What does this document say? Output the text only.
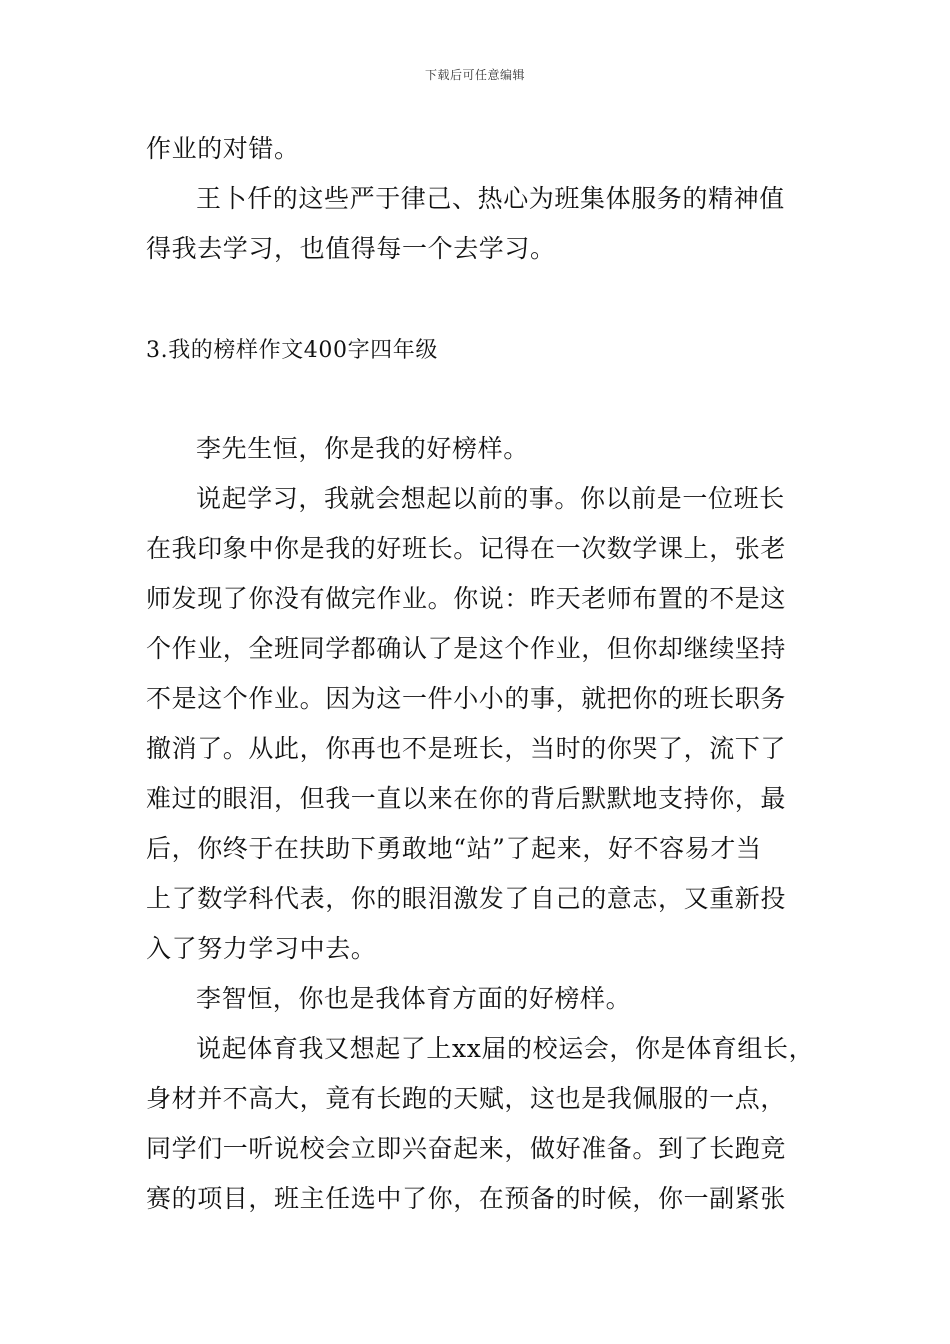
下载后可任意编辑
作业的对错。
王卜仟的这些严于律己、热心为班集体服务的精神值
得我去学习，也值得每一个去学习。
3.我的榜样作文400字四年级
李先生恒，你是我的好榜样。
说起学习，我就会想起以前的事。你以前是一位班长
在我印象中你是我的好班长。记得在一次数学课上，张老
师发现了你没有做完作业。你说：昨天老师布置的不是这
个作业，全班同学都确认了是这个作业，但你却继续坚持
不是这个作业。因为这一件小小的事，就把你的班长职务
撤消了。从此，你再也不是班长，当时的你哭了，流下了
难过的眼泪，但我一直以来在你的背后默默地支持你，最
后，你终于在扶助下勇敢地“站”了起来，好不容易才当
上了数学科代表，你的眼泪激发了自己的意志，又重新投
入了努力学习中去。
李智恒，你也是我体育方面的好榜样。
说起体育我又想起了上xx届的校运会，你是体育组长，
身材并不高大，竟有长跑的天赋，这也是我佩服的一点，
同学们一听说校会立即兴奋起来，做好准备。到了长跑竞
赛的项目，班主任选中了你，在预备的时候，你一副紧张
